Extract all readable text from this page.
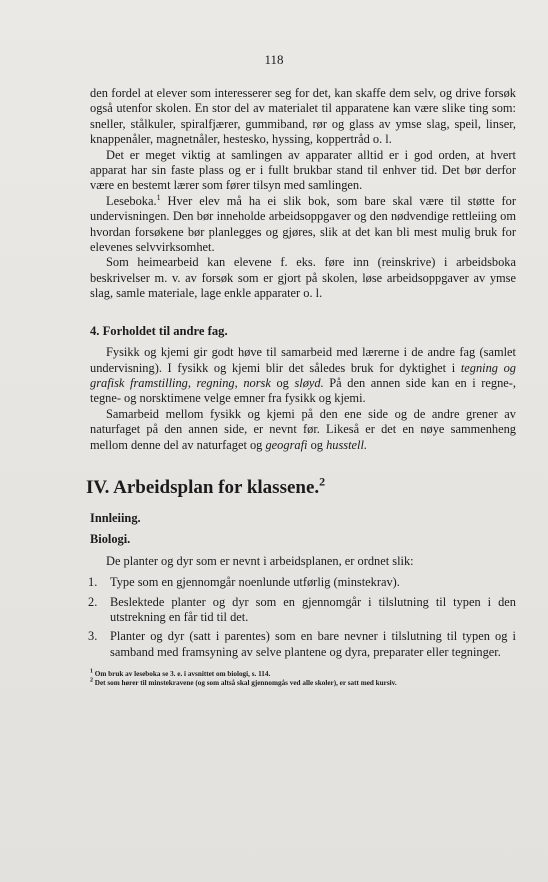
118

den fordel at elever som interesserer seg for det, kan skaffe dem selv, og drive forsøk også utenfor skolen. En stor del av materialet til apparatene kan være slike ting som: sneller, stålkuler, spiralfjærer, gummiband, rør og glass av ymse slag, speil, linser, knappenåler, magnetnåler, hestesko, hyssing, koppertråd o. l.

Det er meget viktig at samlingen av apparater alltid er i god orden, at hvert apparat har sin faste plass og er i fullt brukbar stand til enhver tid. Det bør derfor være en bestemt lærer som fører tilsyn med samlingen.

Leseboka.$^1$ Hver elev må ha ei slik bok, som bare skal være til støtte for undervisningen. Den bør inneholde arbeidsoppgaver og den nødvendige rettleiing om hvordan forsøkene bør planlegges og gjøres, slik at det kan bli mest mulig bruk for elevenes selvvirksomhet.

Som heimearbeid kan elevene f. eks. føre inn (reinskrive) i arbeidsboka beskrivelser m. v. av forsøk som er gjort på skolen, løse arbeidsoppgaver av ymse slag, samle materiale, lage enkle apparater o. l.

4. Forholdet til andre fag.

Fysikk og kjemi gir godt høve til samarbeid med lærerne i de andre fag (samlet undervisning). I fysikk og kjemi blir det således bruk for dyktighet i tegning og grafisk framstilling, regning, norsk og sløyd. På den annen side kan en i regne-, tegne- og norsktimene velge emner fra fysikk og kjemi.

Samarbeid mellom fysikk og kjemi på den ene side og de andre grener av naturfaget på den annen side, er nevnt før. Likeså er det en nøye sammenheng mellom denne del av naturfaget og geografi og husstell.

IV. Arbeidsplan for klassene.$^2$
Innleiing.
Biologi.

De planter og dyr som er nevnt i arbeidsplanen, er ordnet slik:

1. Type som en gjennomgår noenlunde utførlig (minstekrav).
2. Beslektede planter og dyr som en gjennomgår i tilslutning til typen i den utstrekning en får tid til det.
3. Planter og dyr (satt i parentes) som en bare nevner i tilslutning til typen og i samband med framsyning av selve plantene og dyra, preparater eller tegninger.
$^1$ Om bruk av leseboka se 3. e. i avsnittet om biologi, s. 114.
$^2$ Det som hører til minstekravene (og som altså skal gjennomgås ved alle skoler), er satt med kursiv.
